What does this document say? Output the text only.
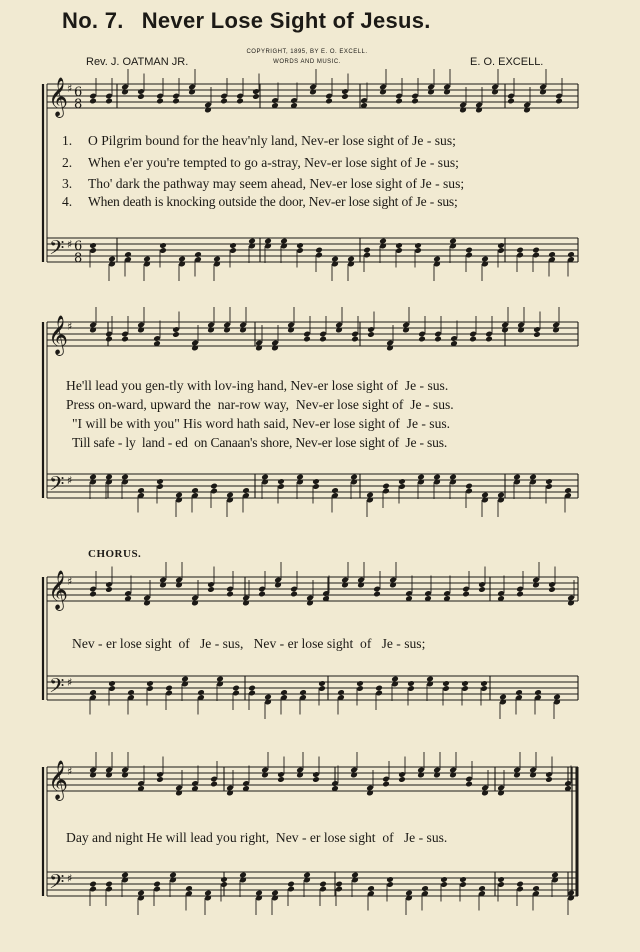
No. 7. Never Lose Sight of Jesus.
Rev. J. OATMAN JR.
COPYRIGHT, 1895, BY E. O. EXCELL.
WORDS AND MUSIC.	E. O. EXCELL.
𝄞
𝄢
♯
♯
6
8
6
8
𝄞
𝄢
♯
♯
𝄞
𝄢
♯
♯
𝄞
𝄢
♯
♯
1. O Pilgrim bound for the heav'nly land, Nev-er lose sight of Je - sus;
2. When e'er you're tempted to go a-stray, Nev-er lose sight of Je - sus;
3. Tho' dark the pathway may seem ahead, Nev-er lose sight of Je - sus;
4. When death is knocking outside the door, Nev-er lose sight of Je - sus;
He'll lead you gen-tly with lov-ing hand, Nev-er lose sight of  Je - sus.
Press on-ward, upward the  nar-row way,  Nev-er lose sight of  Je - sus.
"I will be with you" His word hath said, Nev-er lose sight of  Je - sus.
Till safe - ly  land - ed  on Canaan's shore, Nev-er lose sight of  Je - sus.
CHORUS.
Nev - er lose sight  of   Je - sus,   Nev - er lose sight  of   Je - sus;
Day and night He will lead you right,  Nev - er lose sight  of   Je - sus.
